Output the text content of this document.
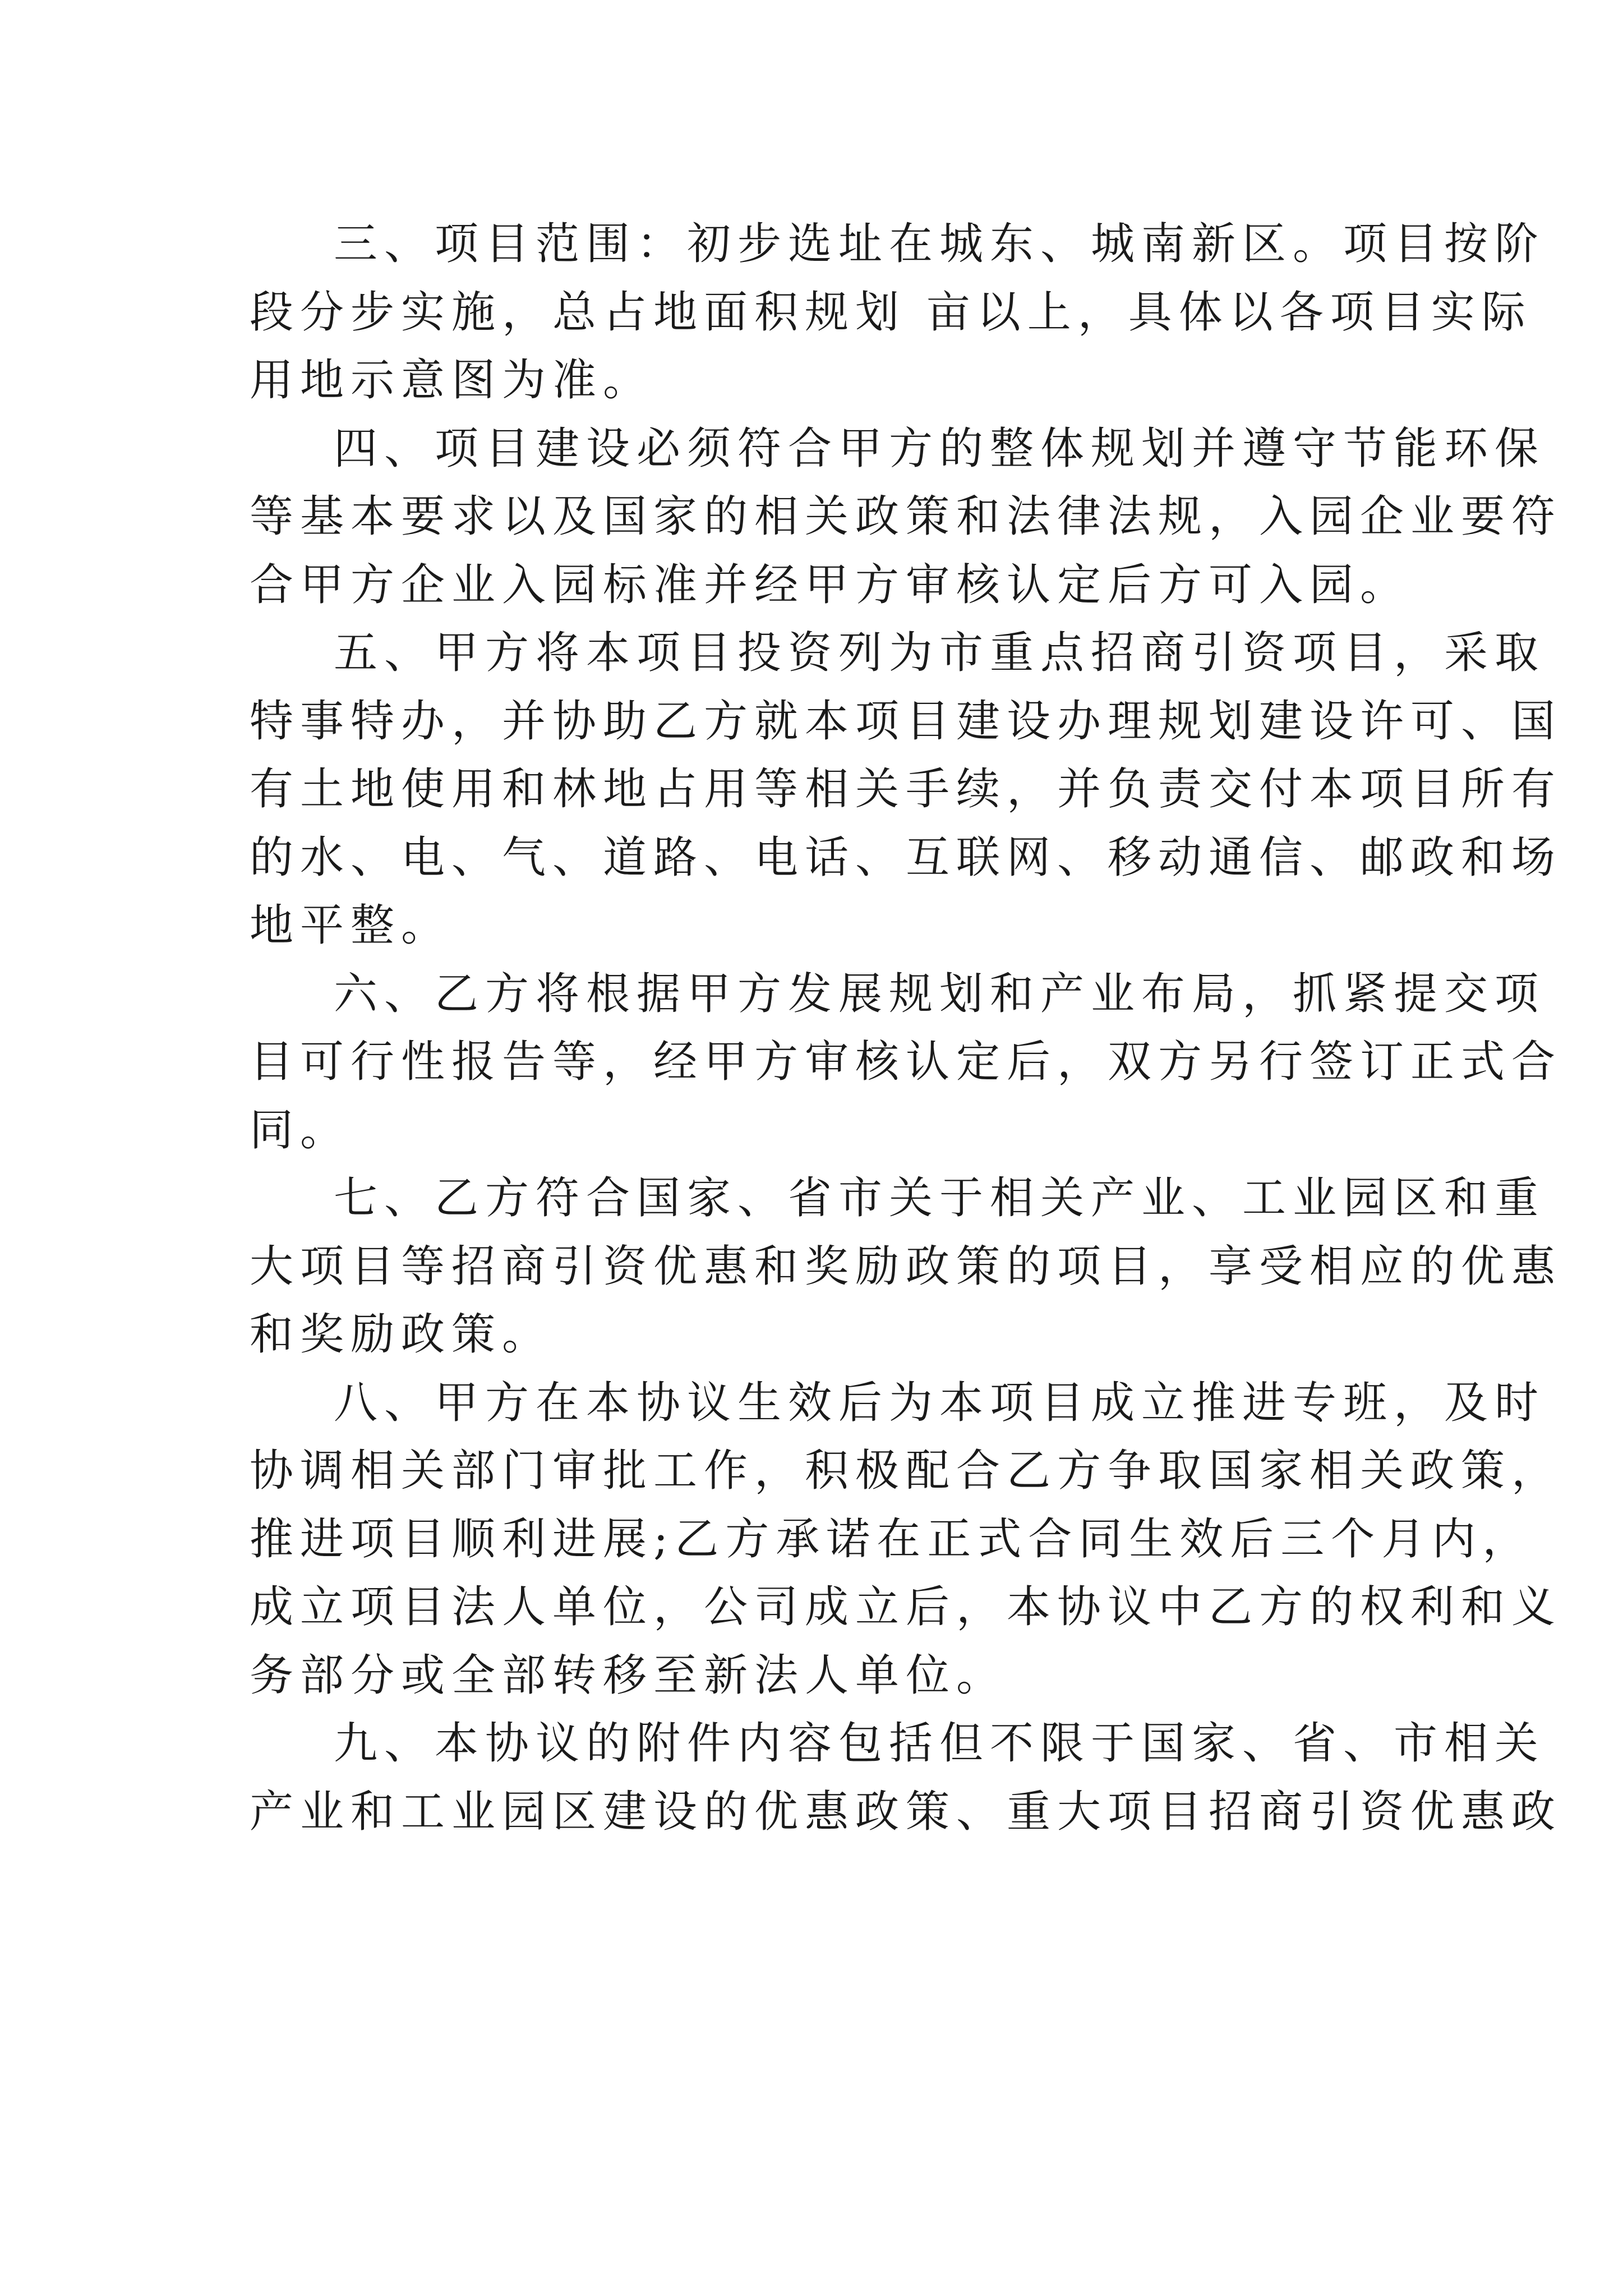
三、项目范围：初步选址在城东、城南新区。项目按阶
段分步实施，总占地面积规划 亩以上，具体以各项目实际
用地示意图为准。
四、项目建设必须符合甲方的整体规划并遵守节能环保
等基本要求以及国家的相关政策和法律法规，入园企业要符
合甲方企业入园标准并经甲方审核认定后方可入园。
五、甲方将本项目投资列为市重点招商引资项目，采取
特事特办，并协助乙方就本项目建设办理规划建设许可、国
有土地使用和林地占用等相关手续，并负责交付本项目所有
的水、电、气、道路、电话、互联网、移动通信、邮政和场
地平整。
六、乙方将根据甲方发展规划和产业布局，抓紧提交项
目可行性报告等，经甲方审核认定后，双方另行签订正式合
同。
七、乙方符合国家、省市关于相关产业、工业园区和重
大项目等招商引资优惠和奖励政策的项目，享受相应的优惠
和奖励政策。
八、甲方在本协议生效后为本项目成立推进专班，及时
协调相关部门审批工作，积极配合乙方争取国家相关政策，
推进项目顺利进展;乙方承诺在正式合同生效后三个月内，
成立项目法人单位，公司成立后，本协议中乙方的权利和义
务部分或全部转移至新法人单位。
九、本协议的附件内容包括但不限于国家、省、市相关
产业和工业园区建设的优惠政策、重大项目招商引资优惠政
